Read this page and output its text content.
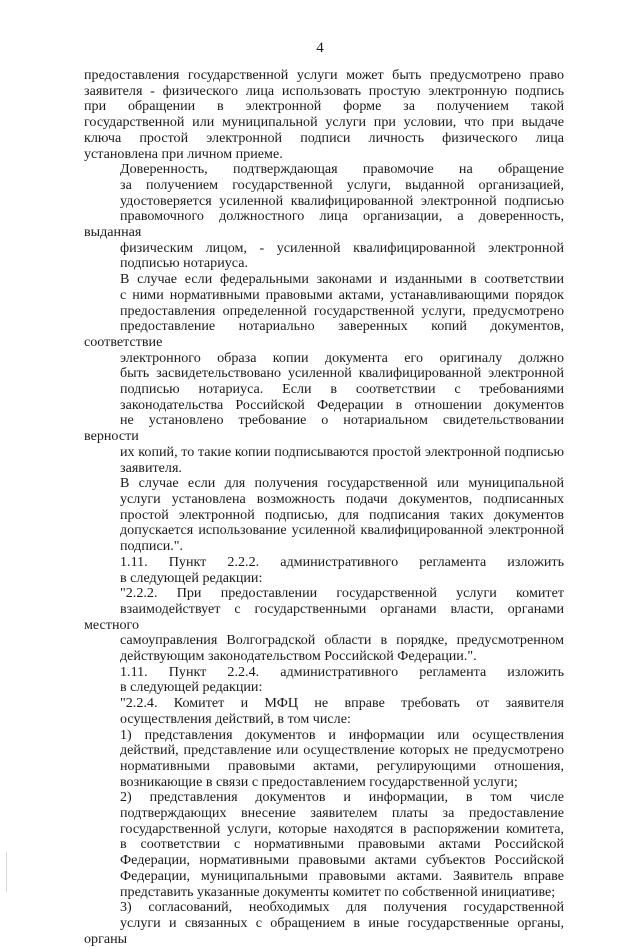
4
предоставления государственной услуги может быть предусмотрено право
заявителя - физического лица использовать простую электронную подпись
при обращении в электронной форме за получением такой
государственной или муниципальной услуги при условии, что при выдаче
ключа простой электронной подписи личность физического лица
установлена при личном приеме.
Доверенность, подтверждающая правомочие на обращение
за получением государственной услуги, выданной организацией,
удостоверяется усиленной квалифицированной электронной подписью
правомочного должностного лица организации, а доверенность, выданная
физическим лицом, - усиленной квалифицированной электронной
подписью нотариуса.
В случае если федеральными законами и изданными в соответствии
с ними нормативными правовыми актами, устанавливающими порядок
предоставления определенной государственной услуги, предусмотрено
предоставление нотариально заверенных копий документов, соответствие
электронного образа копии документа его оригиналу должно
быть засвидетельствовано усиленной квалифицированной электронной
подписью нотариуса. Если в соответствии с требованиями
законодательства Российской Федерации в отношении документов
не установлено требование о нотариальном свидетельствовании верности
их копий, то такие копии подписываются простой электронной подписью
заявителя.
В случае если для получения государственной или муниципальной
услуги установлена возможность подачи документов, подписанных
простой электронной подписью, для подписания таких документов
допускается использование усиленной квалифицированной электронной
подписи.".
1.11. Пункт 2.2.2. административного регламента изложить
в следующей редакции:
"2.2.2. При предоставлении государственной услуги комитет
взаимодействует с государственными органами власти, органами местного
самоуправления Волгоградской области в порядке, предусмотренном
действующим законодательством Российской Федерации.".
1.11. Пункт 2.2.4. административного регламента изложить
в следующей редакции:
"2.2.4. Комитет и МФЦ не вправе требовать от заявителя
осуществления действий, в том числе:
1) представления документов и информации или осуществления
действий, представление или осуществление которых не предусмотрено
нормативными правовыми актами, регулирующими отношения,
возникающие в связи с предоставлением государственной услуги;
2) представления документов и информации, в том числе
подтверждающих внесение заявителем платы за предоставление
государственной услуги, которые находятся в распоряжении комитета,
в соответствии с нормативными правовыми актами Российской
Федерации, нормативными правовыми актами субъектов Российской
Федерации, муниципальными правовыми актами. Заявитель вправе
представить указанные документы комитет по собственной инициативе;
3) согласований, необходимых для получения государственной
услуги и связанных с обращением в иные государственные органы, органы
